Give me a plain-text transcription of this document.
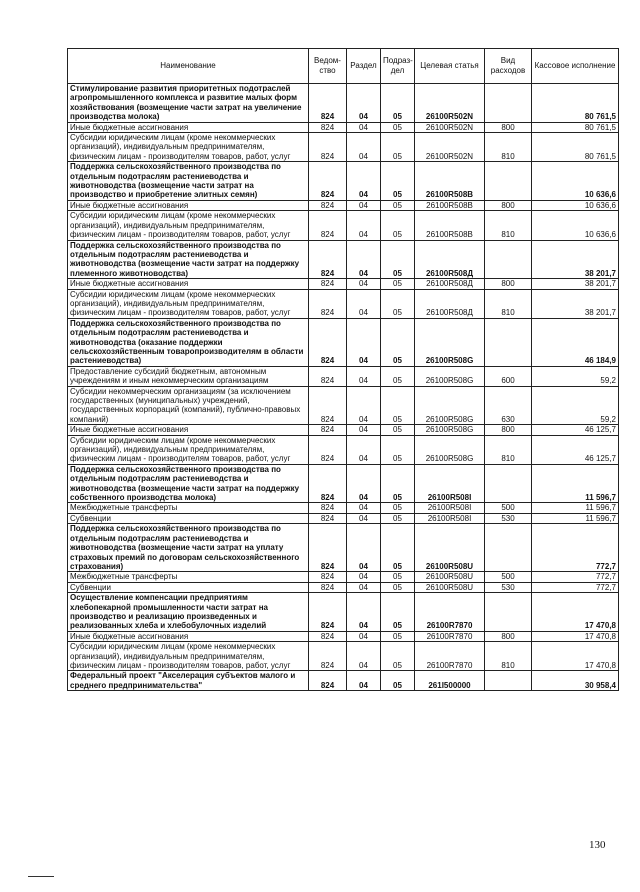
Наименование	Ведом-ство	Раздел	Подраз-дел	Целевая статья	Вид расходов	Кассовое исполнение
Стимулирование развития приоритетных подотраслей агропромышленного комплекса и развитие малых форм хозяйствования (возмещение части затрат на увеличение производства молока)	824	04	05	26100R502N		80 761,5
Иные бюджетные ассигнования	824	04	05	26100R502N	800	80 761,5
Субсидии юридическим лицам (кроме некоммерческих организаций), индивидуальным предпринимателям, физическим лицам - производителям товаров, работ, услуг	824	04	05	26100R502N	810	80 761,5
Поддержка сельскохозяйственного производства по отдельным подотраслям растениеводства и животноводства (возмещение части затрат на производство и приобретение элитных семян)	824	04	05	26100R508B		10 636,6
Иные бюджетные ассигнования	824	04	05	26100R508B	800	10 636,6
Субсидии юридическим лицам (кроме некоммерческих организаций), индивидуальным предпринимателям, физическим лицам - производителям товаров, работ, услуг	824	04	05	26100R508B	810	10 636,6
Поддержка сельскохозяйственного производства по отдельным подотраслям растениеводства и животноводства (возмещение части затрат на поддержку племенного животноводства)	824	04	05	26100R508Д		38 201,7
Иные бюджетные ассигнования	824	04	05	26100R508Д	800	38 201,7
Субсидии юридическим лицам (кроме некоммерческих организаций), индивидуальным предпринимателям, физическим лицам - производителям товаров, работ, услуг	824	04	05	26100R508Д	810	38 201,7
Поддержка сельскохозяйственного производства по отдельным подотраслям растениеводства и животноводства (оказание поддержки сельскохозяйственным товаропроизводителям в области растениеводства)	824	04	05	26100R508G		46 184,9
Предоставление субсидий бюджетным, автономным учреждениям и иным некоммерческим организациям	824	04	05	26100R508G	600	59,2
Субсидии некоммерческим организациям (за исключением государственных (муниципальных) учреждений, государственных корпораций (компаний), публично-правовых компаний)	824	04	05	26100R508G	630	59,2
Иные бюджетные ассигнования	824	04	05	26100R508G	800	46 125,7
Субсидии юридическим лицам (кроме некоммерческих организаций), индивидуальным предпринимателям, физическим лицам - производителям товаров, работ, услуг	824	04	05	26100R508G	810	46 125,7
Поддержка сельскохозяйственного производства по отдельным подотраслям растениеводства и животноводства (возмещение части затрат на поддержку собственного производства молока)	824	04	05	26100R508I		11 596,7
Межбюджетные трансферты	824	04	05	26100R508I	500	11 596,7
Субвенции	824	04	05	26100R508I	530	11 596,7
Поддержка сельскохозяйственного производства по отдельным подотраслям растениеводства и животноводства (возмещение части затрат на уплату страховых премий по договорам сельскохозяйственного страхования)	824	04	05	26100R508U		772,7
Межбюджетные трансферты	824	04	05	26100R508U	500	772,7
Субвенции	824	04	05	26100R508U	530	772,7
Осуществление компенсации предприятиям хлебопекарной промышленности части затрат на производство и реализацию произведенных и реализованных хлеба и хлебобулочных изделий	824	04	05	26100R7870		17 470,8
Иные бюджетные ассигнования	824	04	05	26100R7870	800	17 470,8
Субсидии юридическим лицам (кроме некоммерческих организаций), индивидуальным предпринимателям, физическим лицам - производителям товаров, работ, услуг	824	04	05	26100R7870	810	17 470,8
Федеральный проект "Акселерация субъектов малого и среднего предпринимательства"	824	04	05	261I500000		30 958,4
130
